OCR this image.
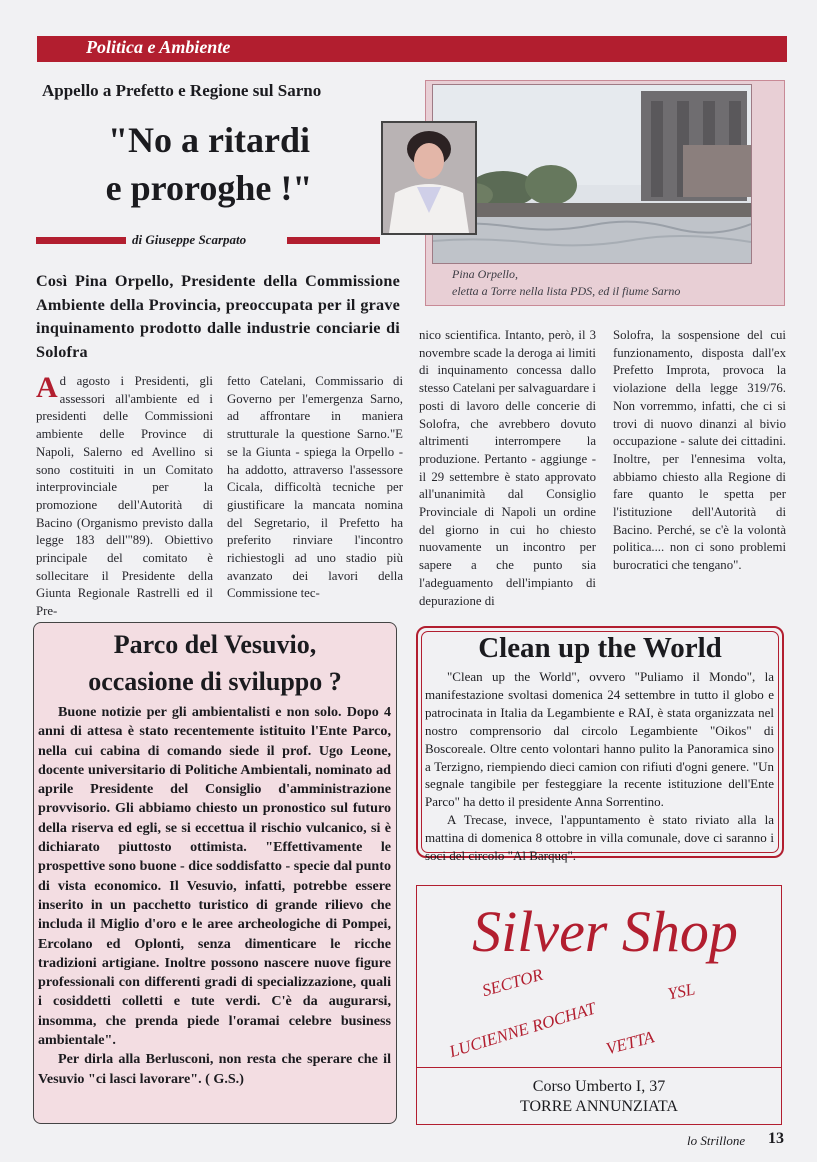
Politica e Ambiente
Appello a Prefetto e Regione sul Sarno
"No a ritardi
e proroghe !"
di Giuseppe Scarpato
Pina Orpello,
eletta a Torre nella lista PDS, ed il fiume Sarno
Così Pina Orpello, Presidente della Commissione Ambiente della Provincia, preoccupata per il grave inquinamento prodotto dalle industrie conciarie di Solofra
Ad agosto i Presidenti, gli assessori all'ambiente ed i presidenti delle Commissioni ambiente delle Province di Napoli, Salerno ed Avellino si sono costituiti in un Comitato interprovinciale per la promozione dell'Autorità di Bacino (Organismo previsto dalla legge 183 dell'"89). Obiettivo principale del comitato è sollecitare il Presidente della Giunta Regionale Rastrelli ed il Pre-
fetto Catelani, Commissario di Governo per l'emergenza Sarno, ad affrontare in maniera strutturale la questione Sarno."E se la Giunta - spiega la Orpello - ha addotto, attraverso l'assessore Cicala, difficoltà tecniche per giustificare la mancata nomina del Segretario, il Prefetto ha preferito rinviare l'incontro richiestogli ad uno stadio più avanzato dei lavori della Commissione tec-
nico scientifica. Intanto, però, il 3 novembre scade la deroga ai limiti di inquinamento concessa dallo stesso Catelani per salvaguardare i posti di lavoro delle concerie di Solofra, che avrebbero dovuto altrimenti interrompere la produzione. Pertanto - aggiunge - il 29 settembre è stato approvato all'unanimità dal Consiglio Provinciale di Napoli un ordine del giorno in cui ho chiesto nuovamente un incontro per sapere a che punto sia l'adeguamento dell'impianto di depurazione di
Solofra, la sospensione del cui funzionamento, disposta dall'ex Prefetto Improta, provoca la violazione della legge 319/76. Non vorremmo, infatti, che ci si trovi di nuovo dinanzi al bivio occupazione - salute dei cittadini. Inoltre, per l'ennesima volta, abbiamo chiesto alla Regione di fare quanto le spetta per l'istituzione dell'Autorità di Bacino. Perché, se c'è la volontà politica.... non ci sono problemi burocratici che tengano".
Parco del Vesuvio,
occasione di sviluppo ?

Buone notizie per gli ambientalisti e non solo. Dopo 4 anni di attesa è stato recentemente istituito l'Ente Parco, nella cui cabina di comando siede il prof. Ugo Leone, docente universitario di Politiche Ambientali, nominato ad aprile Presidente del Consiglio d'amministrazione provvisorio. Gli abbiamo chiesto un pronostico sul futuro della riserva ed egli, se si eccettua il rischio vulcanico, si è dichiarato piuttosto ottimista. "Effettivamente le prospettive sono buone - dice soddisfatto - specie dal punto di vista economico. Il Vesuvio, infatti, potrebbe essere inserito in un pacchetto turistico di grande rilievo che includa il Miglio d'oro e le aree archeologiche di Pompei, Ercolano ed Oplonti, senza dimenticare le ricche tradizioni artigiane. Inoltre possono nascere nuove figure professionali con differenti gradi di specializzazione, quali i cosiddetti colletti e tute verdi. C'è da augurarsi, insomma, che prenda piede l'oramai celebre business ambientale".

Per dirla alla Berlusconi, non resta che sperare che il Vesuvio "ci lasci lavorare". ( G.S.)

Clean up the World

"Clean up the World", ovvero "Puliamo il Mondo", la manifestazione svoltasi domenica 24 settembre in tutto il globo e patrocinata in Italia da Legambiente e RAI, è stata organizzata nel nostro comprensorio dal circolo Legambiente "Oikos" di Boscoreale. Oltre cento volontari hanno pulito la Panoramica sino a Terzigno, riempiendo dieci camion con rifiuti d'ogni genere. "Un segnale tangibile per festeggiare la recente istituzione dell'Ente Parco" ha detto il presidente Anna Sorrentino.

A Trecase, invece, l'appuntamento è stato riviato alla la mattina di domenica 8 ottobre in villa comunale, dove ci saranno i soci del circolo "Al Barquq".

Silver Shop
SECTOR
LUCIENNE ROCHAT
YSL
VETTA
Corso Umberto I, 37
TORRE ANNUNZIATA
lo Strillone 13
